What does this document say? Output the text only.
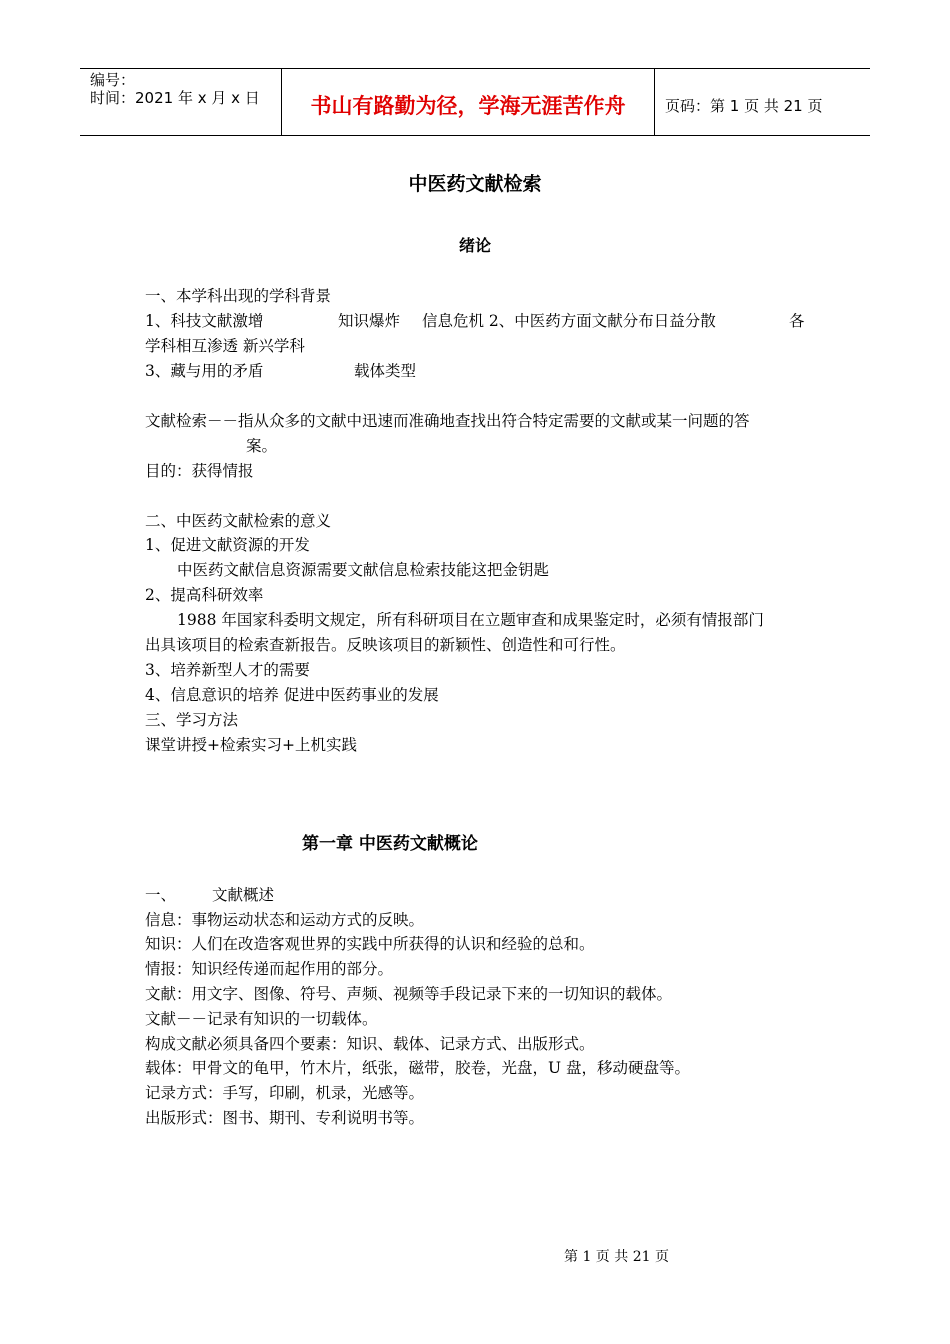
编号：
时间：2021 年 x 月 x 日	书山有路勤为径，学海无涯苦作舟	页码：第 1 页 共 21 页
中医药文献检索
绪论
一、本学科出现的学科背景
1、科技文献激增	知识爆炸 信息危机 2、中医药方面文献分布日益分散	各
学科相互渗透 新兴学科
3、藏与用的矛盾	载体类型
文献检索－－指从众多的文献中迅速而准确地查找出符合特定需要的文献或某一问题的答
案。
目的：获得情报
二、中医药文献检索的意义
1、促进文献资源的开发
中医药文献信息资源需要文献信息检索技能这把金钥匙
2、提高科研效率
1988 年国家科委明文规定，所有科研项目在立题审查和成果鉴定时，必须有情报部门
出具该项目的检索查新报告。反映该项目的新颖性、创造性和可行性。
3、培养新型人才的需要
4、信息意识的培养 促进中医药事业的发展
三、学习方法
课堂讲授+检索实习+上机实践
第一章 中医药文献概论
一、 文献概述
信息：事物运动状态和运动方式的反映。
知识：人们在改造客观世界的实践中所获得的认识和经验的总和。
情报：知识经传递而起作用的部分。
文献：用文字、图像、符号、声频、视频等手段记录下来的一切知识的载体。
文献－－记录有知识的一切载体。
构成文献必须具备四个要素：知识、载体、记录方式、出版形式。
载体：甲骨文的龟甲，竹木片，纸张，磁带，胶卷，光盘，U 盘，移动硬盘等。
记录方式：手写，印刷，机录，光感等。
出版形式：图书、期刊、专利说明书等。
第 1 页 共 21 页
